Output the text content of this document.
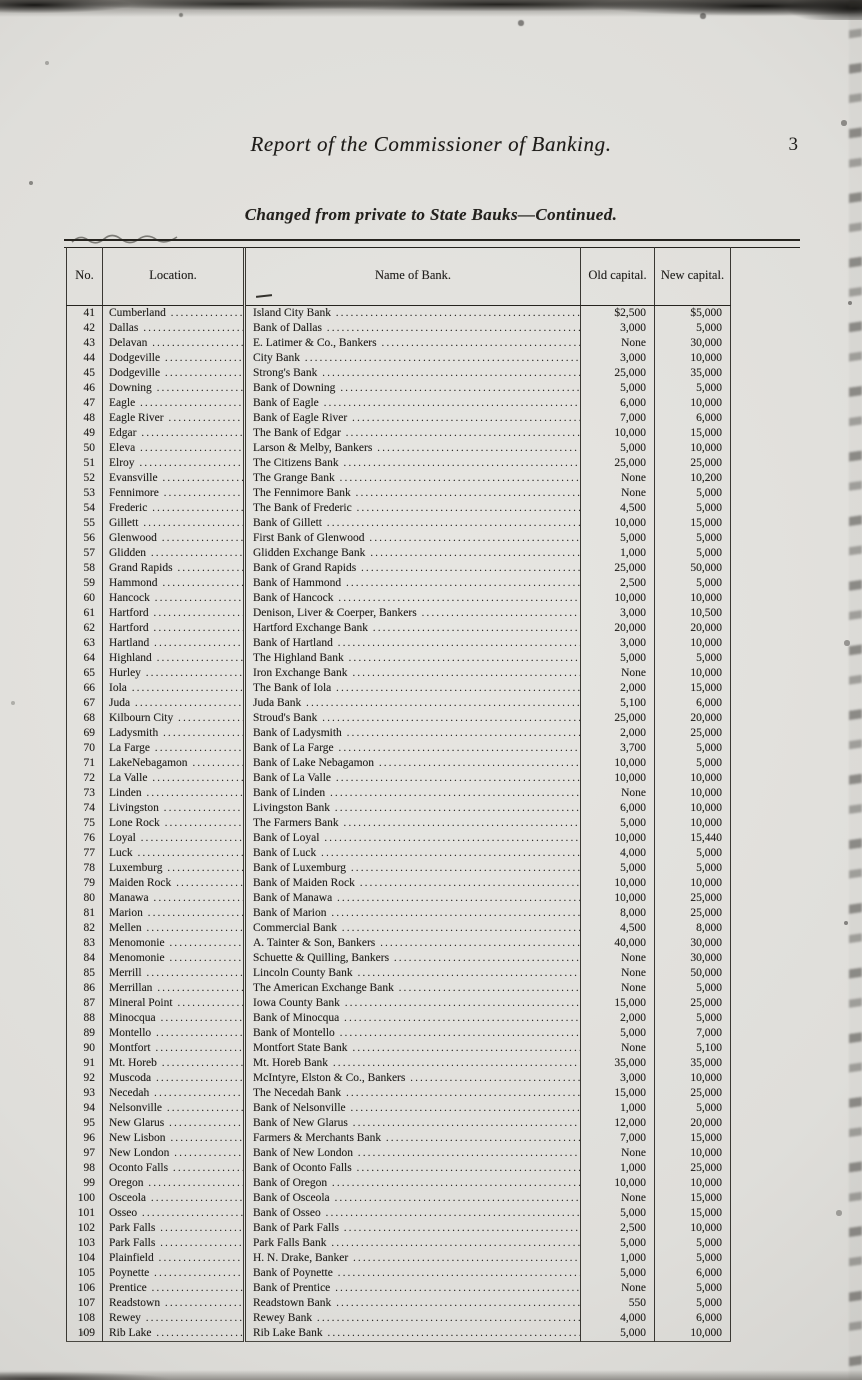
Report of the Commissioner of Banking.	3
Changed from private to State Bauks—Continued.
No.	Location.	Name of Bank.	Old capital.	New capital.
41	Cumberland .....	Island City Bank .....	$2,500	$5,000
42	Dallas .....	Bank of Dallas .....	3,000	5,000
43	Delavan .....	E. Latimer & Co., Bankers .....	None	30,000
44	Dodgeville .....	City Bank .....	3,000	10,000
45	Dodgeville .....	Strong's Bank .....	25,000	35,000
46	Downing .....	Bank of Downing .....	5,000	5,000
47	Eagle .....	Bank of Eagle .....	6,000	10,000
48	Eagle River .....	Bank of Eagle River .....	7,000	6,000
49	Edgar .....	The Bank of Edgar .....	10,000	15,000
50	Eleva .....	Larson & Melby, Bankers .....	5,000	10,000
51	Elroy .....	The Citizens Bank .....	25,000	25,000
52	Evansville .....	The Grange Bank .....	None	10,200
53	Fennimore .....	The Fennimore Bank .....	None	5,000
54	Frederic .....	The Bank of Frederic .....	4,500	5,000
55	Gillett .....	Bank of Gillett .....	10,000	15,000
56	Glenwood .....	First Bank of Glenwood .....	5,000	5,000
57	Glidden .....	Glidden Exchange Bank .....	1,000	5,000
58	Grand Rapids .....	Bank of Grand Rapids .....	25,000	50,000
59	Hammond .....	Bank of Hammond .....	2,500	5,000
60	Hancock .....	Bank of Hancock .....	10,000	10,000
61	Hartford .....	Denison, Liver & Coerper, Bankers .....	3,000	10,500
62	Hartford .....	Hartford Exchange Bank .....	20,000	20,000
63	Hartland .....	Bank of Hartland .....	3,000	10,000
64	Highland .....	The Highland Bank .....	5,000	5,000
65	Hurley .....	Iron Exchange Bank .....	None	10,000
66	Iola .....	The Bank of Iola .....	2,000	15,000
67	Juda .....	Juda Bank .....	5,100	6,000
68	Kilbourn City .....	Stroud's Bank .....	25,000	20,000
69	Ladysmith .....	Bank of Ladysmith .....	2,000	25,000
70	La Farge .....	Bank of La Farge .....	3,700	5,000
71	LakeNebagamon .....	Bank of Lake Nebagamon .....	10,000	5,000
72	La Valle .....	Bank of La Valle .....	10,000	10,000
73	Linden .....	Bank of Linden .....	None	10,000
74	Livingston .....	Livingston Bank .....	6,000	10,000
75	Lone Rock .....	The Farmers Bank .....	5,000	10,000
76	Loyal .....	Bank of Loyal .....	10,000	15,440
77	Luck .....	Bank of Luck .....	4,000	5,000
78	Luxemburg .....	Bank of Luxemburg .....	5,000	5,000
79	Maiden Rock .....	Bank of Maiden Rock .....	10,000	10,000
80	Manawa .....	Bank of Manawa .....	10,000	25,000
81	Marion .....	Bank of Marion .....	8,000	25,000
82	Mellen .....	Commercial Bank .....	4,500	8,000
83	Menomonie .....	A. Tainter & Son, Bankers .....	40,000	30,000
84	Menomonie .....	Schuette & Quilling, Bankers .....	None	30,000
85	Merrill .....	Lincoln County Bank .....	None	50,000
86	Merrillan .....	The American Exchange Bank .....	None	5,000
87	Mineral Point .....	Iowa County Bank .....	15,000	25,000
88	Minocqua .....	Bank of Minocqua .....	2,000	5,000
89	Montello .....	Bank of Montello .....	5,000	7,000
90	Montfort .....	Montfort State Bank .....	None	5,100
91	Mt. Horeb .....	Mt. Horeb Bank .....	35,000	35,000
92	Muscoda .....	McIntyre, Elston & Co., Bankers .....	3,000	10,000
93	Necedah .....	The Necedah Bank .....	15,000	25,000
94	Nelsonville .....	Bank of Nelsonville .....	1,000	5,000
95	New Glarus .....	Bank of New Glarus .....	12,000	20,000
96	New Lisbon .....	Farmers & Merchants Bank .....	7,000	15,000
97	New London .....	Bank of New London .....	None	10,000
98	Oconto Falls .....	Bank of Oconto Falls .....	1,000	25,000
99	Oregon .....	Bank of Oregon .....	10,000	10,000
100	Osceola .....	Bank of Osceola .....	None	15,000
101	Osseo .....	Bank of Osseo .....	5,000	15,000
102	Park Falls .....	Bank of Park Falls .....	2,500	10,000
103	Park Falls .....	Park Falls Bank .....	5,000	5,000
104	Plainfield .....	H. N. Drake, Banker .....	1,000	5,000
105	Poynette .....	Bank of Poynette .....	5,000	6,000
106	Prentice .....	Bank of Prentice .....	None	5,000
107	Readstown .....	Readstown Bank .....	550	5,000
108	Rewey .....	Rewey Bank .....	4,000	6,000
109	Rib Lake .....	Rib Lake Bank .....	5,000	10,000
